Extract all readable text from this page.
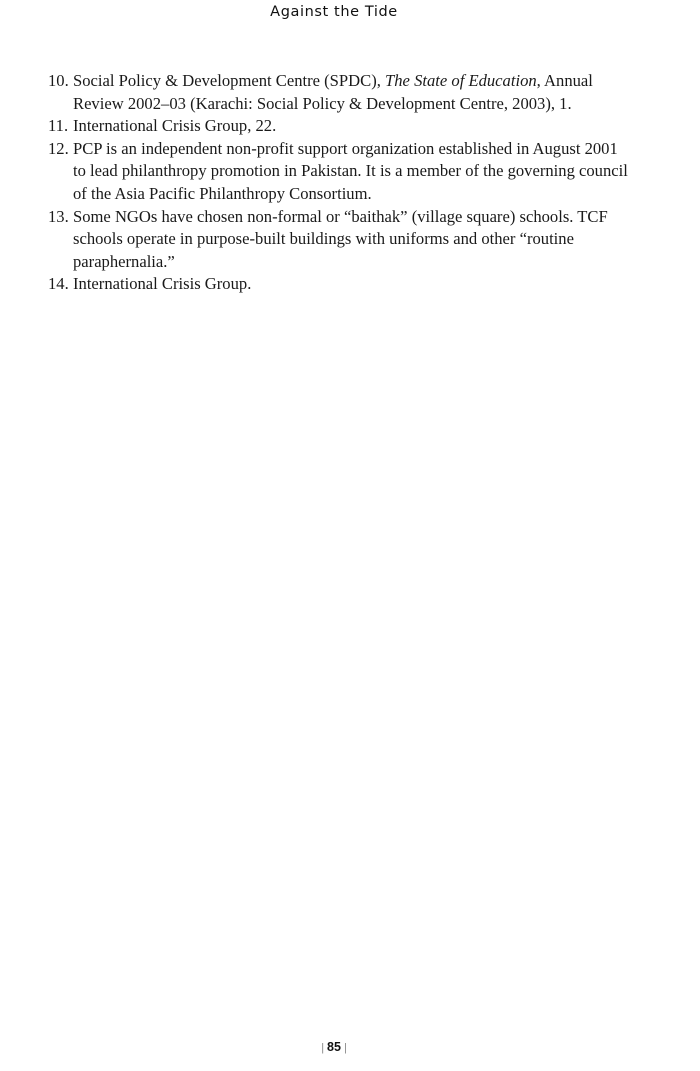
Against the Tide
10. Social Policy & Development Centre (SPDC), The State of Education, Annual Review 2002–03 (Karachi: Social Policy & Development Centre, 2003), 1.
11. International Crisis Group, 22.
12. PCP is an independent non-profit support organization established in August 2001 to lead philanthropy promotion in Pakistan. It is a member of the governing council of the Asia Pacific Philanthropy Consortium.
13. Some NGOs have chosen non-formal or “baithak” (village square) schools. TCF schools operate in purpose-built buildings with uniforms and other “routine paraphernalia.”
14. International Crisis Group.
| 85 |
